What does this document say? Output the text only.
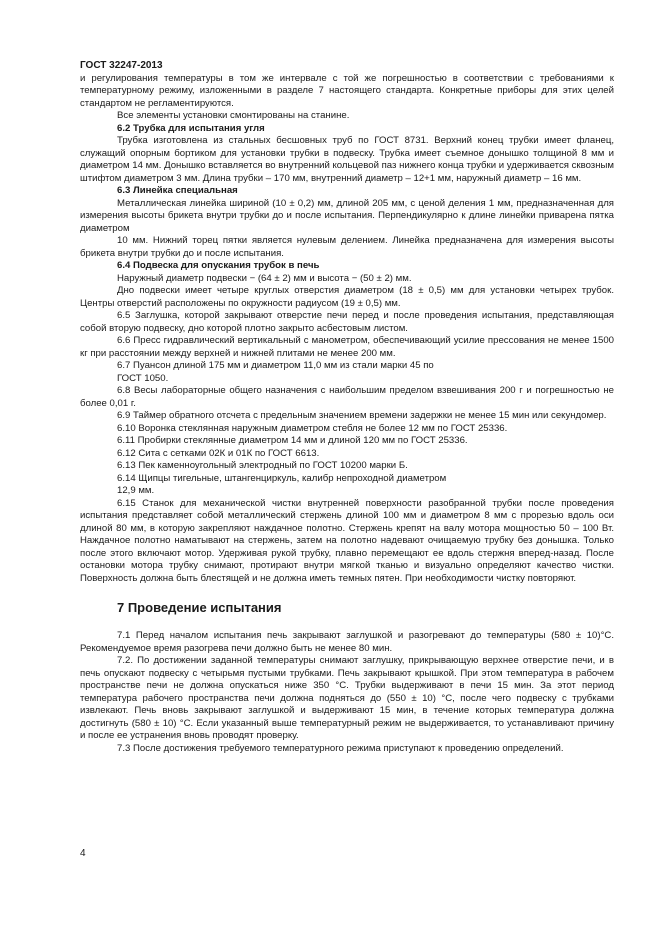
ГОСТ 32247-2013

и регулирования температуры в том же интервале с той же погрешностью в соответствии с требованиями к температурному режиму, изложенными в разделе 7 настоящего стандарта. Конкретные приборы для этих целей стандартом не регламентируются.

Все элементы установки смонтированы на станине.

6.2 Трубка для испытания угля

Трубка изготовлена из стальных бесшовных труб по ГОСТ 8731. Верхний конец трубки имеет фланец, служащий опорным бортиком для установки трубки в подвеску. Трубка имеет съемное донышко толщиной 8 мм и диаметром 14 мм. Донышко вставляется во внутренний кольцевой паз нижнего конца трубки и удерживается сквозным штифтом диаметром 3 мм. Длина трубки – 170 мм, внутренний диаметр – 12+1 мм, наружный диаметр – 16 мм.

6.3 Линейка специальная

Металлическая линейка шириной (10 ± 0,2) мм, длиной 205 мм, с ценой деления 1 мм, предназначенная для измерения высоты брикета внутри трубки до и после испытания. Перпендикулярно к длине линейки приварена пятка диаметром

10 мм. Нижний торец пятки является нулевым делением. Линейка предназначена для измерения высоты брикета внутри трубки до и после испытания.

6.4 Подвеска для опускания трубок в печь

Наружный диаметр подвески − (64 ± 2) мм и высота − (50 ± 2) мм.

Дно подвески имеет четыре круглых отверстия диаметром (18 ± 0,5) мм для установки четырех трубок. Центры отверстий расположены по окружности радиусом (19 ± 0,5) мм.

6.5 Заглушка, которой закрывают отверстие печи перед и после проведения испытания, представляющая собой вторую подвеску, дно которой плотно закрыто асбестовым листом.

6.6 Пресс гидравлический вертикальный с манометром, обеспечивающий усилие прессования не менее 1500 кг при расстоянии между верхней и нижней плитами не менее 200 мм.

6.7 Пуансон длиной 175 мм и диаметром 11,0 мм из стали марки 45 по

ГОСТ 1050.

6.8 Весы лабораторные общего назначения с наибольшим пределом взвешивания 200 г и погрешностью не более 0,01 г.

6.9 Таймер обратного отсчета с предельным значением времени задержки не менее 15 мин или секундомер.

6.10 Воронка стеклянная наружным диаметром стебля не более 12 мм по ГОСТ 25336.

6.11 Пробирки стеклянные диаметром 14 мм и длиной 120 мм по ГОСТ 25336.

6.12 Сита с сетками 02К и 01К по ГОСТ 6613.

6.13 Пек каменноугольный электродный по ГОСТ 10200 марки Б.

6.14 Щипцы тигельные, штангенциркуль, калибр непроходной диаметром

12,9 мм.

6.15 Станок для механической чистки внутренней поверхности разобранной трубки после проведения испытания представляет собой металлический стержень длиной 100 мм и диаметром 8 мм с прорезью вдоль оси длиной 80 мм, в которую закрепляют наждачное полотно. Стержень крепят на валу мотора мощностью 50 – 100 Вт. Наждачное полотно наматывают на стержень, затем на полотно надевают очищаемую трубку без донышка. Только после этого включают мотор. Удерживая рукой трубку, плавно перемещают ее вдоль стержня вперед-назад. После остановки мотора трубку снимают, протирают внутри мягкой тканью и визуально определяют качество чистки. Поверхность должна быть блестящей и не должна иметь темных пятен. При необходимости чистку повторяют.

7 Проведение испытания

7.1 Перед началом испытания печь закрывают заглушкой и разогревают до температуры (580 ± 10)°С. Рекомендуемое время разогрева печи должно быть не менее 80 мин.

7.2. По достижении заданной температуры снимают заглушку, прикрывающую верхнее отверстие печи, и в печь опускают подвеску с четырьмя пустыми трубками. Печь закрывают крышкой. При этом температура в рабочем пространстве печи не должна опускаться ниже 350 °С. Трубки выдерживают в печи 15 мин. За этот период температура рабочего пространства печи должна подняться до (550 ± 10) °С, после чего подвеску с трубками извлекают. Печь вновь закрывают заглушкой и выдерживают 15 мин, в течение которых температура должна достигнуть (580 ± 10) °С. Если указанный выше температурный режим не выдерживается, то устанавливают причину и после ее устранения вновь проводят проверку.

7.3 После достижения требуемого температурного режима приступают к проведению определений.

4
